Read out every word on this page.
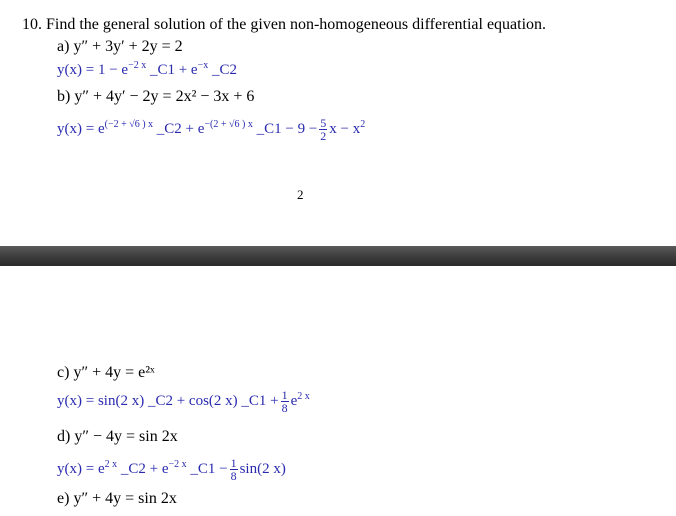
10. Find the general solution of the given non-homogeneous differential equation.
a) y″ + 3y′ + 2y = 2
$y(x) = 1 - e^{-2 x}$ _C1 + $e^{-x}$ _C2
b) y″ + 4y′ − 2y = 2x² − 3x + 6
$y(x) = e^{(-2 + √6 ) x}$ _C2 + $e^{-(2 + √6 ) x}$ _C1 − $9 - \frac{5}{2}$ $x - x^2$
2
c) y″ + 4y = e²ˣ
y(x) = sin(2 x) _C2 + cos(2 x) _C1 + $\frac{1}{8} e^{2 x}$
d) y″ − 4y = sin 2x
$y(x) = e^{2 x}$ _C2 + $e^{-2 x}$ _C1 − $\frac{1}{8} \sin(2$ x)
e) y″ + 4y = sin 2x
